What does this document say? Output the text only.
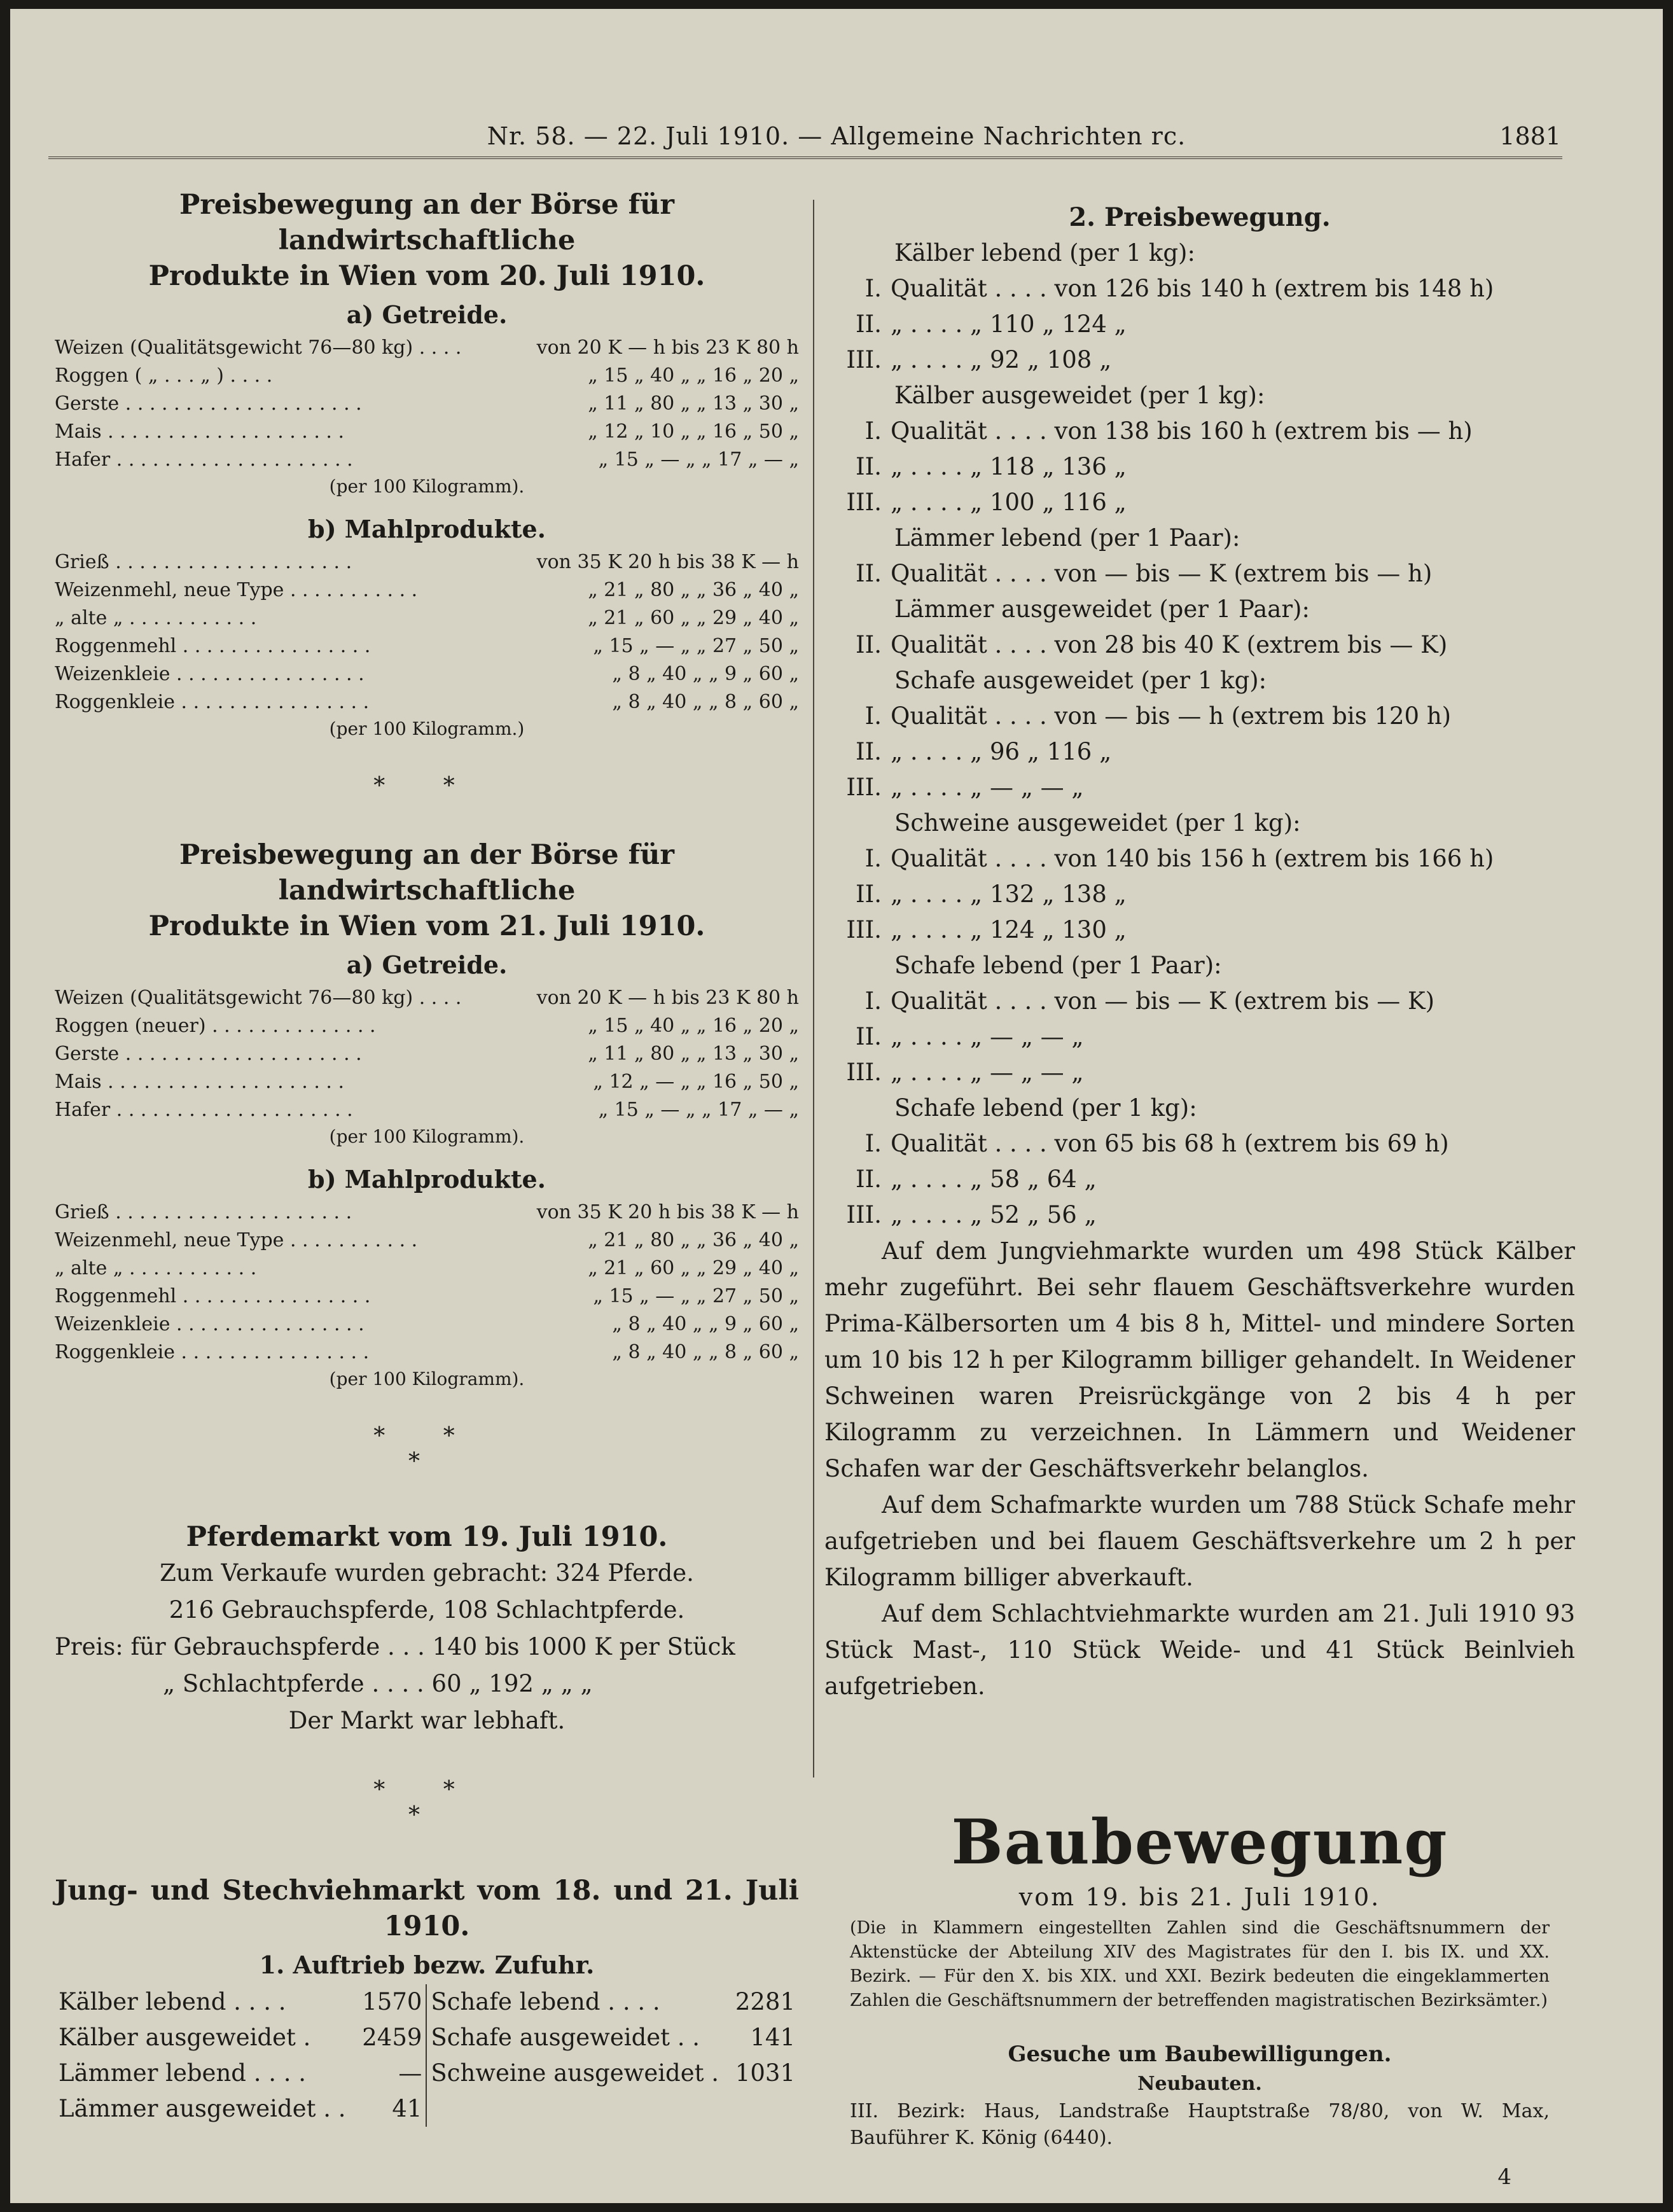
Nr. 58. — 22. Juli 1910. — Allgemeine Nachrichten rc.	1881
Preisbewegung an der Börse für landwirtschaftliche
Produkte in Wien vom 20. Juli 1910.
a) Getreide.
Weizen (Qualitätsgewicht 76—80 kg) . . . .	von 20 K — h bis 23 K 80 h
Roggen ( „ . . . „ ) . . . .	„ 15 „ 40 „ „ 16 „ 20 „
Gerste . . . . . . . . . . . . . . . . . . . .	„ 11 „ 80 „ „ 13 „ 30 „
Mais . . . . . . . . . . . . . . . . . . . .	„ 12 „ 10 „ „ 16 „ 50 „
Hafer . . . . . . . . . . . . . . . . . . . .	„ 15 „ — „ „ 17 „ — „
(per 100 Kilogramm).
b) Mahlprodukte.
Grieß . . . . . . . . . . . . . . . . . . . .	von 35 K 20 h bis 38 K — h
Weizenmehl, neue Type . . . . . . . . . . .	„ 21 „ 80 „ „ 36 „ 40 „
„ alte „ . . . . . . . . . . .	„ 21 „ 60 „ „ 29 „ 40 „
Roggenmehl . . . . . . . . . . . . . . . .	„ 15 „ — „ „ 27 „ 50 „
Weizenkleie . . . . . . . . . . . . . . . .	„ 8 „ 40 „ „ 9 „ 60 „
Roggenkleie . . . . . . . . . . . . . . . .	„ 8 „ 40 „ „ 8 „ 60 „
(per 100 Kilogramm.)
* *
Preisbewegung an der Börse für landwirtschaftliche
Produkte in Wien vom 21. Juli 1910.
a) Getreide.
Weizen (Qualitätsgewicht 76—80 kg) . . . .	von 20 K — h bis 23 K 80 h
Roggen (neuer) . . . . . . . . . . . . . .	„ 15 „ 40 „ „ 16 „ 20 „
Gerste . . . . . . . . . . . . . . . . . . . .	„ 11 „ 80 „ „ 13 „ 30 „
Mais . . . . . . . . . . . . . . . . . . . .	„ 12 „ — „ „ 16 „ 50 „
Hafer . . . . . . . . . . . . . . . . . . . .	„ 15 „ — „ „ 17 „ — „
(per 100 Kilogramm).
b) Mahlprodukte.
Grieß . . . . . . . . . . . . . . . . . . . .	von 35 K 20 h bis 38 K — h
Weizenmehl, neue Type . . . . . . . . . . .	„ 21 „ 80 „ „ 36 „ 40 „
„ alte „ . . . . . . . . . . .	„ 21 „ 60 „ „ 29 „ 40 „
Roggenmehl . . . . . . . . . . . . . . . .	„ 15 „ — „ „ 27 „ 50 „
Weizenkleie . . . . . . . . . . . . . . . .	„ 8 „ 40 „ „ 9 „ 60 „
Roggenkleie . . . . . . . . . . . . . . . .	„ 8 „ 40 „ „ 8 „ 60 „
(per 100 Kilogramm).
* *
*
Pferdemarkt vom 19. Juli 1910.
Zum Verkaufe wurden gebracht: 324 Pferde.
216 Gebrauchspferde, 108 Schlachtpferde.
Preis: für Gebrauchspferde . . . 140 bis 1000 K per Stück
„ Schlachtpferde . . . . 60 „ 192 „ „ „
Der Markt war lebhaft.
* *
*
Jung- und Stechviehmarkt vom 18. und 21. Juli
1910.
1. Auftrieb bezw. Zufuhr.
Kälber lebend . . . .	1570	Schafe lebend . . . .	2281
Kälber ausgeweidet .	2459	Schafe ausgeweidet . .	141
Lämmer lebend . . . .	—	Schweine ausgeweidet .	1031
Lämmer ausgeweidet . .	41		
2. Preisbewegung.
Kälber lebend (per 1 kg):
I. Qualität . . . . von 126 bis 140 h (extrem bis 148 h)
II. „ . . . . „ 110 „ 124 „
III. „ . . . . „ 92 „ 108 „
Kälber ausgeweidet (per 1 kg):
I. Qualität . . . . von 138 bis 160 h (extrem bis — h)
II. „ . . . . „ 118 „ 136 „
III. „ . . . . „ 100 „ 116 „
Lämmer lebend (per 1 Paar):
II. Qualität . . . . von — bis — K (extrem bis — h)
Lämmer ausgeweidet (per 1 Paar):
II. Qualität . . . . von 28 bis 40 K (extrem bis — K)
Schafe ausgeweidet (per 1 kg):
I. Qualität . . . . von — bis — h (extrem bis 120 h)
II. „ . . . . „ 96 „ 116 „
III. „ . . . . „ — „ — „
Schweine ausgeweidet (per 1 kg):
I. Qualität . . . . von 140 bis 156 h (extrem bis 166 h)
II. „ . . . . „ 132 „ 138 „
III. „ . . . . „ 124 „ 130 „
Schafe lebend (per 1 Paar):
I. Qualität . . . . von — bis — K (extrem bis — K)
II. „ . . . . „ — „ — „
III. „ . . . . „ — „ — „
Schafe lebend (per 1 kg):
I. Qualität . . . . von 65 bis 68 h (extrem bis 69 h)
II. „ . . . . „ 58 „ 64 „
III. „ . . . . „ 52 „ 56 „
Auf dem Jungviehmarkte wurden um 498 Stück Kälber mehr zugeführt. Bei sehr flauem Geschäftsverkehre wurden Prima-Kälbersorten um 4 bis 8 h, Mittel- und mindere Sorten um 10 bis 12 h per Kilogramm billiger gehandelt. In Weidener Schweinen waren Preisrückgänge von 2 bis 4 h per Kilogramm zu verzeichnen. In Lämmern und Weidener Schafen war der Geschäftsverkehr belanglos.
Auf dem Schafmarkte wurden um 788 Stück Schafe mehr aufgetrieben und bei flauem Geschäftsverkehre um 2 h per Kilogramm billiger abverkauft.
Auf dem Schlachtviehmarkte wurden am 21. Juli 1910 93 Stück Mast-, 110 Stück Weide- und 41 Stück Beinlvieh aufgetrieben.
Baubewegung
vom 19. bis 21. Juli 1910.
(Die in Klammern eingestellten Zahlen sind die Geschäftsnummern der Aktenstücke der Abteilung XIV des Magistrates für den I. bis IX. und XX. Bezirk. — Für den X. bis XIX. und XXI. Bezirk bedeuten die eingeklammerten Zahlen die Geschäftsnummern der betreffenden magistratischen Bezirksämter.)
Gesuche um Baubewilligungen.
Neubauten.
III. Bezirk: Haus, Landstraße Hauptstraße 78/80, von W. Max, Bauführer K. König (6440).
4
